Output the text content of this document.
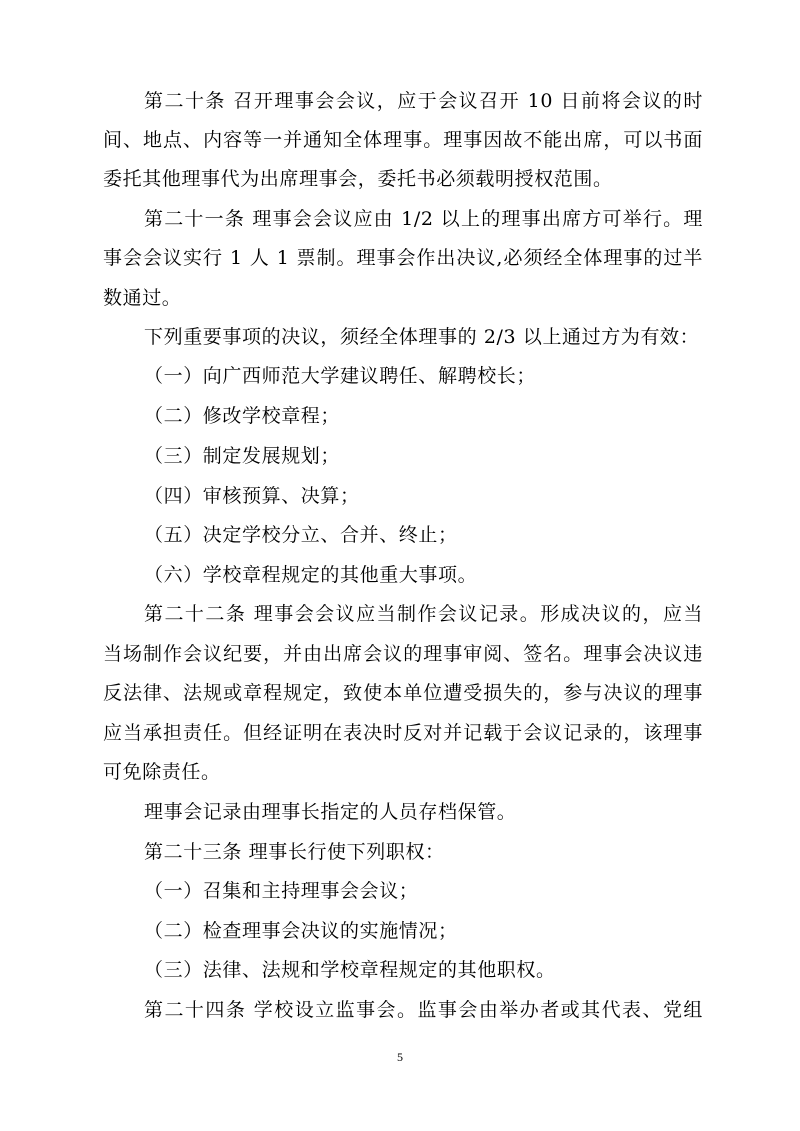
第二十条 召开理事会会议，应于会议召开 10 日前将会议的时
间、地点、内容等一并通知全体理事。理事因故不能出席，可以书面
委托其他理事代为出席理事会，委托书必须载明授权范围。
第二十一条 理事会会议应由 1/2 以上的理事出席方可举行。理
事会会议实行 1 人 1 票制。理事会作出决议,必须经全体理事的过半
数通过。
下列重要事项的决议，须经全体理事的 2/3 以上通过方为有效：
（一）向广西师范大学建议聘任、解聘校长；
（二）修改学校章程；
（三）制定发展规划；
（四）审核预算、决算；
（五）决定学校分立、合并、终止；
（六）学校章程规定的其他重大事项。
第二十二条 理事会会议应当制作会议记录。形成决议的，应当
当场制作会议纪要，并由出席会议的理事审阅、签名。理事会决议违
反法律、法规或章程规定，致使本单位遭受损失的，参与决议的理事
应当承担责任。但经证明在表决时反对并记载于会议记录的，该理事
可免除责任。
理事会记录由理事长指定的人员存档保管。
第二十三条 理事长行使下列职权：
（一）召集和主持理事会会议；
（二）检查理事会决议的实施情况；
（三）法律、法规和学校章程规定的其他职权。
第二十四条 学校设立监事会。监事会由举办者或其代表、党组
5
